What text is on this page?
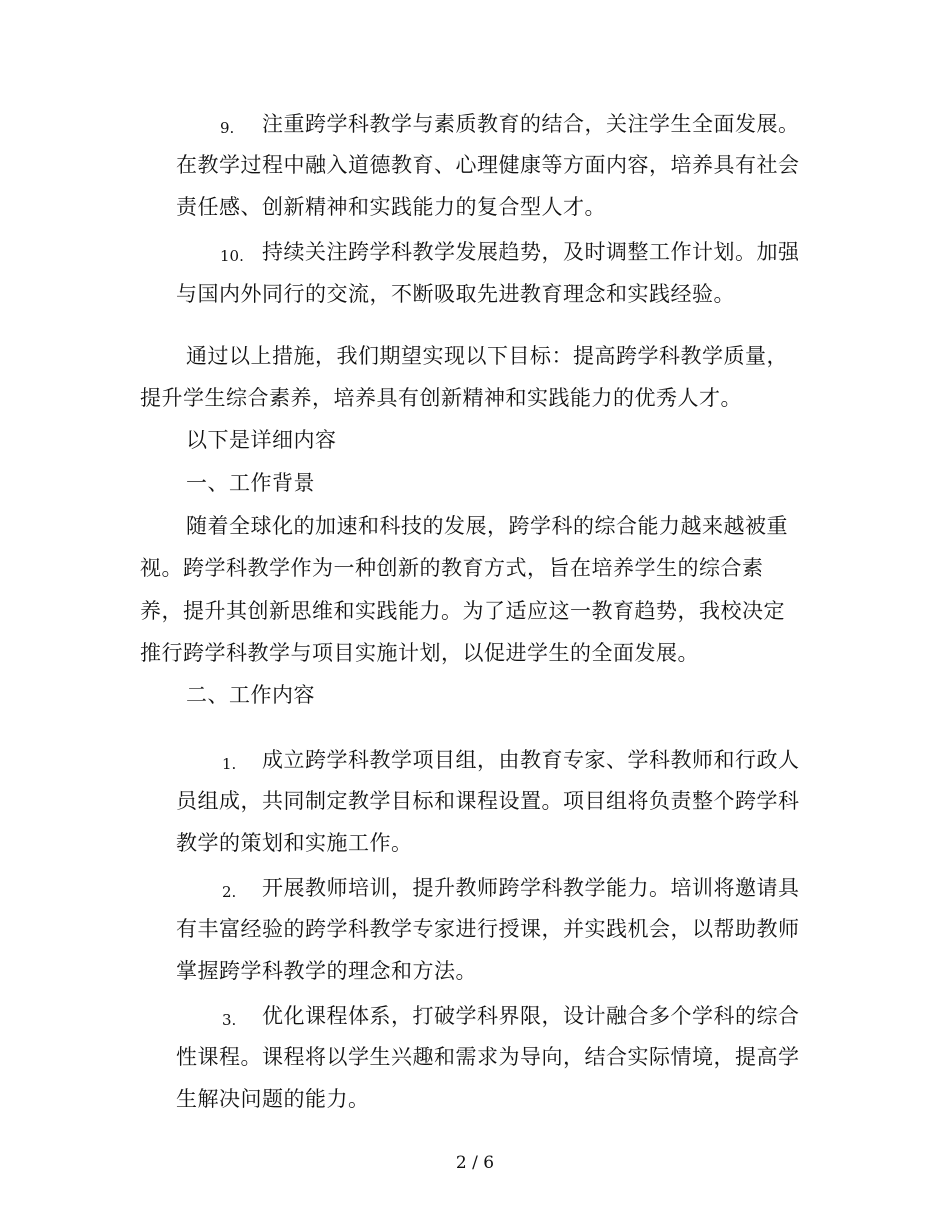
9. 注重跨学科教学与素质教育的结合，关注学生全面发展。
在教学过程中融入道德教育、心理健康等方面内容，培养具有社会
责任感、创新精神和实践能力的复合型人才。
10. 持续关注跨学科教学发展趋势，及时调整工作计划。加强
与国内外同行的交流，不断吸取先进教育理念和实践经验。
通过以上措施，我们期望实现以下目标：提高跨学科教学质量，
提升学生综合素养，培养具有创新精神和实践能力的优秀人才。
以下是详细内容
一、工作背景
随着全球化的加速和科技的发展，跨学科的综合能力越来越被重
视。跨学科教学作为一种创新的教育方式，旨在培养学生的综合素
养，提升其创新思维和实践能力。为了适应这一教育趋势，我校决定
推行跨学科教学与项目实施计划，以促进学生的全面发展。
二、工作内容
1. 成立跨学科教学项目组，由教育专家、学科教师和行政人
员组成，共同制定教学目标和课程设置。项目组将负责整个跨学科
教学的策划和实施工作。
2. 开展教师培训，提升教师跨学科教学能力。培训将邀请具
有丰富经验的跨学科教学专家进行授课，并实践机会，以帮助教师
掌握跨学科教学的理念和方法。
3. 优化课程体系，打破学科界限，设计融合多个学科的综合
性课程。课程将以学生兴趣和需求为导向，结合实际情境，提高学
生解决问题的能力。
2 / 6
